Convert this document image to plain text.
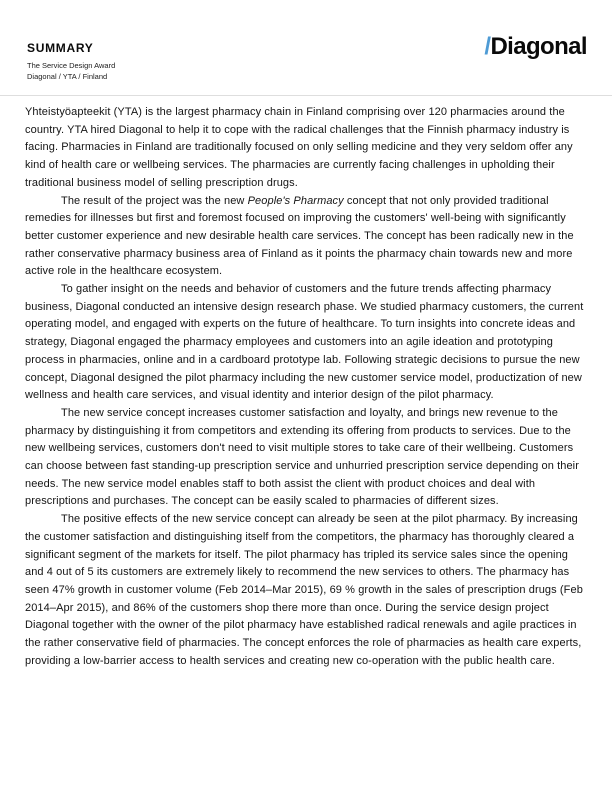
SUMMARY
The Service Design Award
Diagonal / YTA / Finland
/Diagonal

Yhteistyöapteekit (YTA) is the largest pharmacy chain in Finland comprising over 120 pharmacies around the country. YTA hired Diagonal to help it to cope with the radical challenges that the Finnish pharmacy industry is facing. Pharmacies in Finland are traditionally focused on only selling medicine and they very seldom offer any kind of health care or wellbeing services. The pharmacies are currently facing challenges in upholding their traditional business model of selling prescription drugs.

The result of the project was the new People's Pharmacy concept that not only provided traditional remedies for illnesses but first and foremost focused on improving the customers' well-being with significantly better customer experience and new desirable health care services. The concept has been radically new in the rather conservative pharmacy business area of Finland as it points the pharmacy chain towards new and more active role in the healthcare ecosystem.

To gather insight on the needs and behavior of customers and the future trends affecting pharmacy business, Diagonal conducted an intensive design research phase. We studied pharmacy customers, the current operating model, and engaged with experts on the future of healthcare. To turn insights into concrete ideas and strategy, Diagonal engaged the pharmacy employees and customers into an agile ideation and prototyping process in pharmacies, online and in a cardboard prototype lab. Following strategic decisions to pursue the new concept, Diagonal designed the pilot pharmacy including the new customer service model, productization of new wellness and health care services, and visual identity and interior design of the pilot pharmacy.

The new service concept increases customer satisfaction and loyalty, and brings new revenue to the pharmacy by distinguishing it from competitors and extending its offering from products to services. Due to the new wellbeing services, customers don't need to visit multiple stores to take care of their wellbeing. Customers can choose between fast standing-up prescription service and unhurried prescription service depending on their needs. The new service model enables staff to both assist the client with product choices and deal with prescriptions and purchases. The concept can be easily scaled to pharmacies of different sizes.

The positive effects of the new service concept can already be seen at the pilot pharmacy. By increasing the customer satisfaction and distinguishing itself from the competitors, the pharmacy has thoroughly cleared a significant segment of the markets for itself. The pilot pharmacy has tripled its service sales since the opening and 4 out of 5 its customers are extremely likely to recommend the new services to others. The pharmacy has seen 47% growth in customer volume (Feb 2014–Mar 2015), 69 % growth in the sales of prescription drugs (Feb 2014–Apr 2015), and 86% of the customers shop there more than once. During the service design project Diagonal together with the owner of the pilot pharmacy have established radical renewals and agile practices in the rather conservative field of pharmacies. The concept enforces the role of pharmacies as health care experts, providing a low-barrier access to health services and creating new co-operation with the public health care.
